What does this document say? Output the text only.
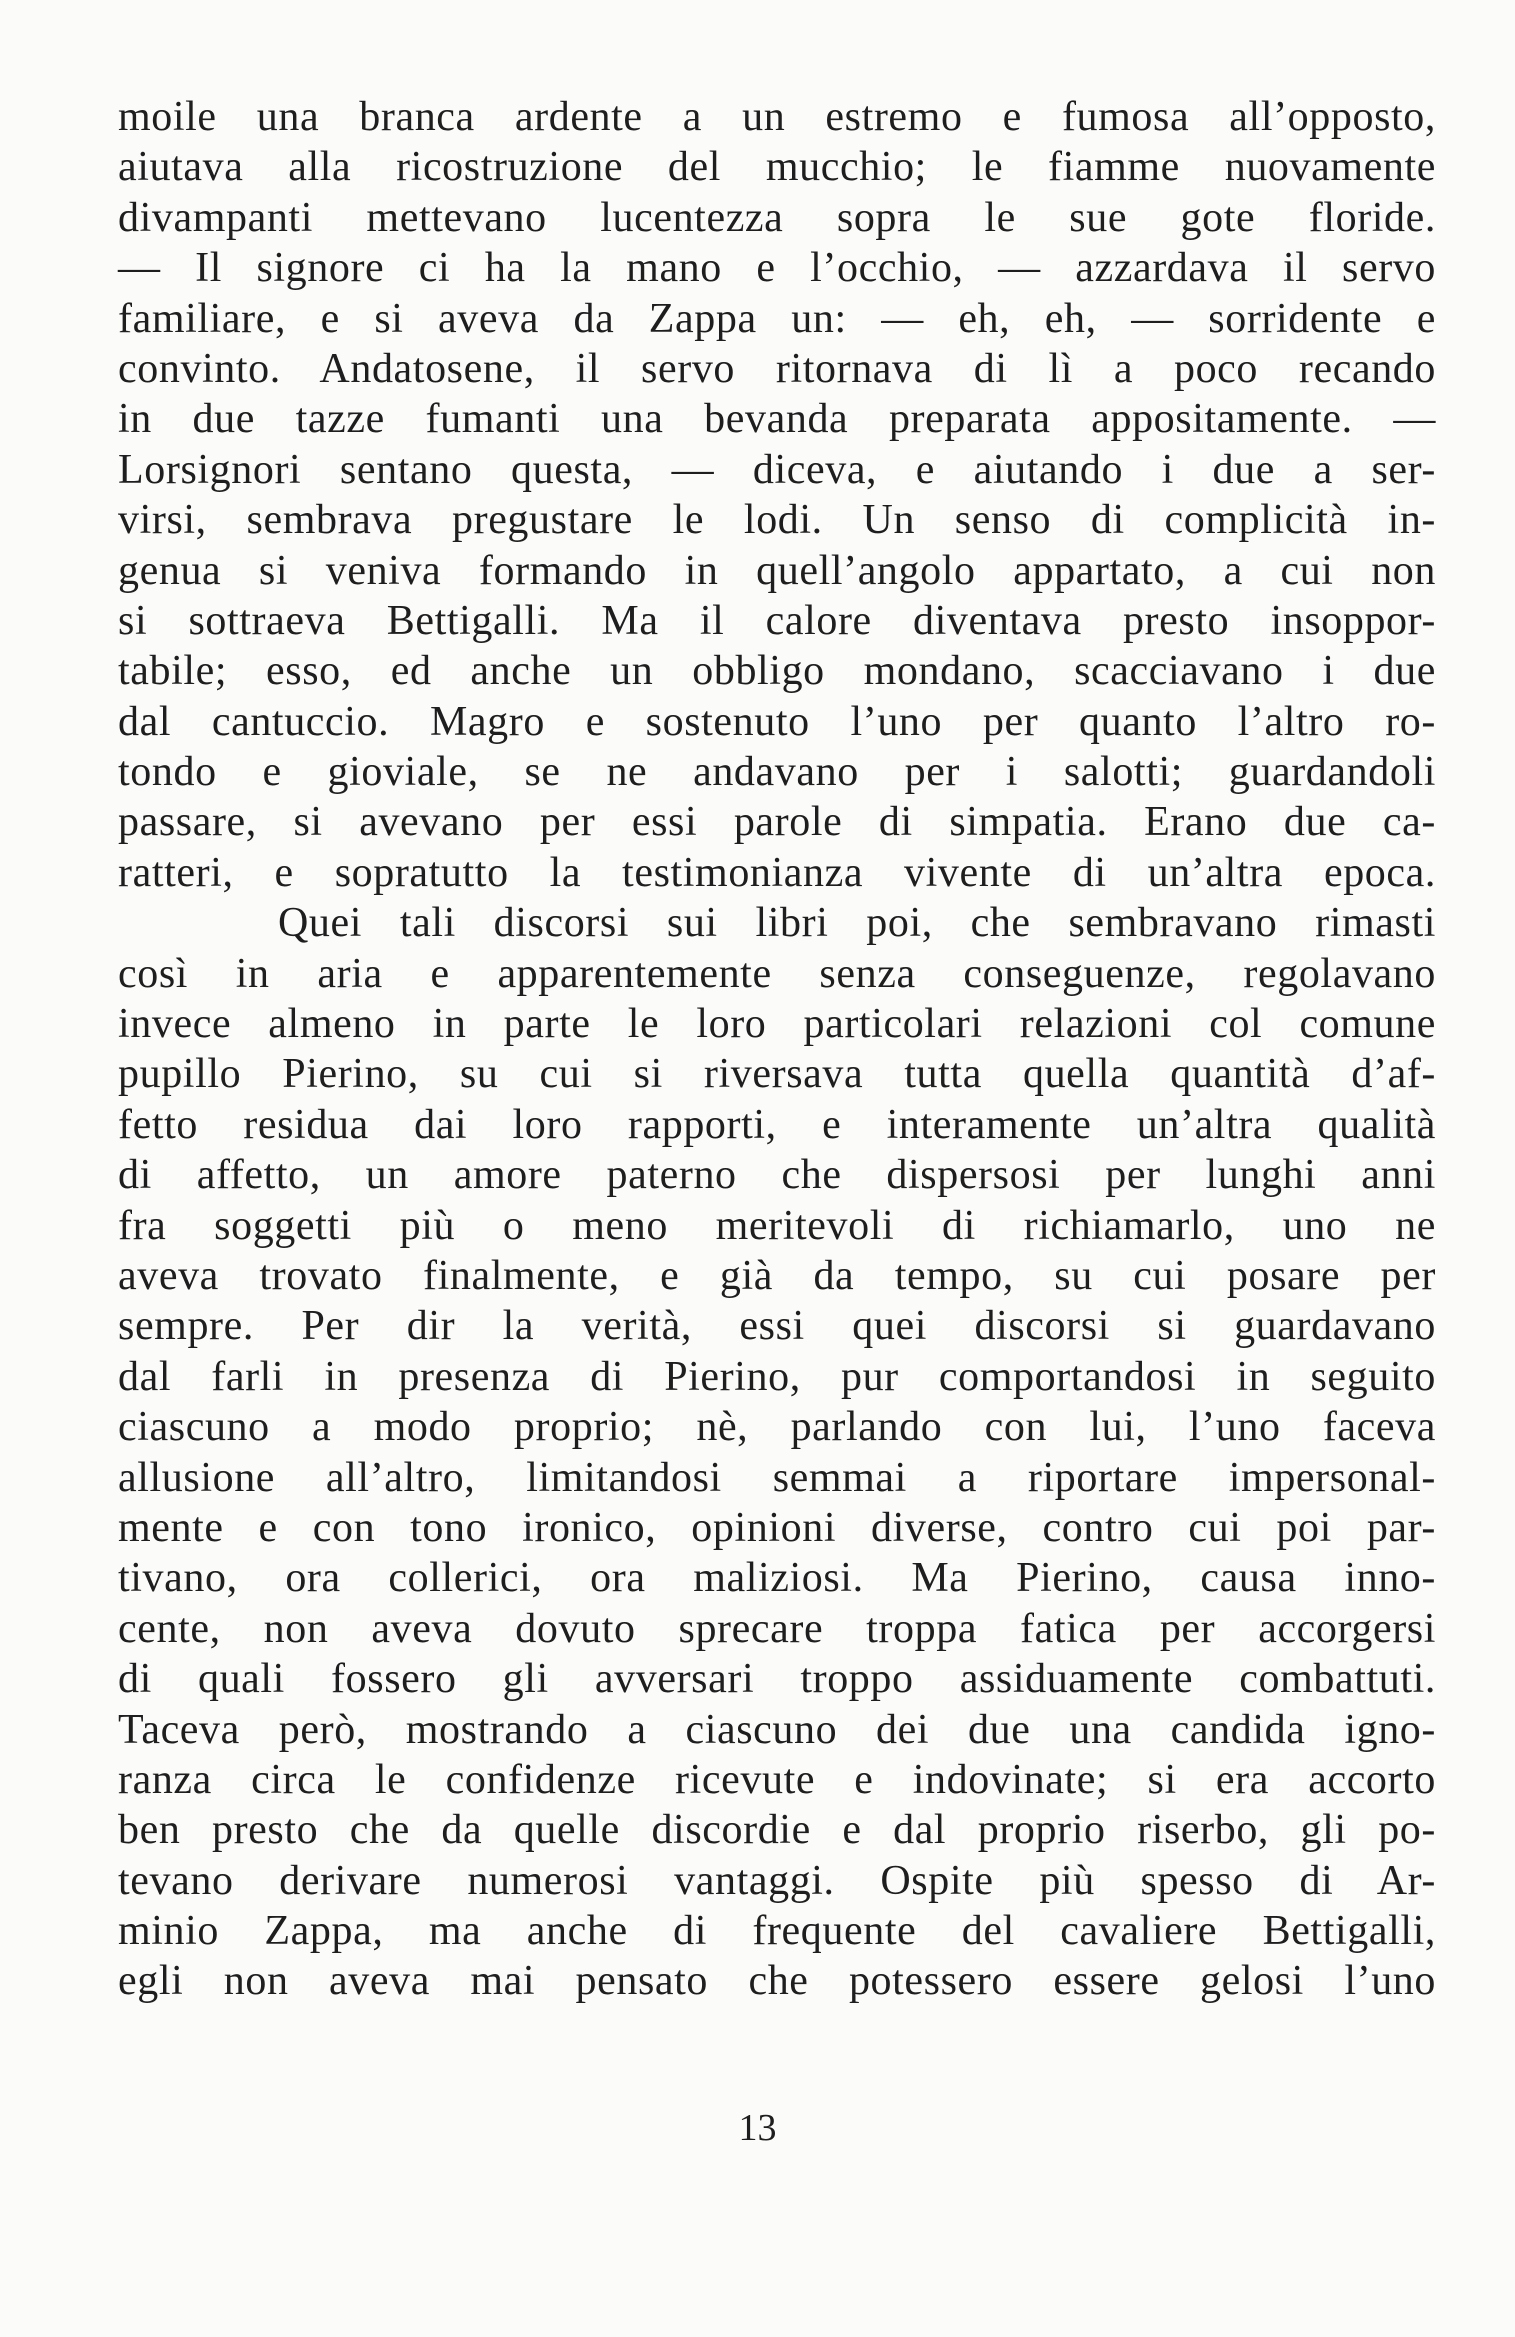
moile una branca ardente a un estremo e fumosa all’opposto,
aiutava alla ricostruzione del mucchio; le fiamme nuovamente
divampanti mettevano lucentezza sopra le sue gote floride.
— Il signore ci ha la mano e l’occhio, — azzardava il servo
familiare, e si aveva da Zappa un: — eh, eh, — sorridente e
convinto. Andatosene, il servo ritornava di lì a poco recando
in due tazze fumanti una bevanda preparata appositamente. —
Lorsignori sentano questa, — diceva, e aiutando i due a ser-
virsi, sembrava pregustare le lodi. Un senso di complicità in-
genua si veniva formando in quell’angolo appartato, a cui non
si sottraeva Bettigalli. Ma il calore diventava presto insoppor-
tabile; esso, ed anche un obbligo mondano, scacciavano i due
dal cantuccio. Magro e sostenuto l’uno per quanto l’altro ro-
tondo e gioviale, se ne andavano per i salotti; guardandoli
passare, si avevano per essi parole di simpatia. Erano due ca-
ratteri, e sopratutto la testimonianza vivente di un’altra epoca.
Quei tali discorsi sui libri poi, che sembravano rimasti
così in aria e apparentemente senza conseguenze, regolavano
invece almeno in parte le loro particolari relazioni col comune
pupillo Pierino, su cui si riversava tutta quella quantità d’af-
fetto residua dai loro rapporti, e interamente un’altra qualità
di affetto, un amore paterno che dispersosi per lunghi anni
fra soggetti più o meno meritevoli di richiamarlo, uno ne
aveva trovato finalmente, e già da tempo, su cui posare per
sempre. Per dir la verità, essi quei discorsi si guardavano
dal farli in presenza di Pierino, pur comportandosi in seguito
ciascuno a modo proprio; nè, parlando con lui, l’uno faceva
allusione all’altro, limitandosi semmai a riportare impersonal-
mente e con tono ironico, opinioni diverse, contro cui poi par-
tivano, ora collerici, ora maliziosi. Ma Pierino, causa inno-
cente, non aveva dovuto sprecare troppa fatica per accorgersi
di quali fossero gli avversari troppo assiduamente combattuti.
Taceva però, mostrando a ciascuno dei due una candida igno-
ranza circa le confidenze ricevute e indovinate; si era accorto
ben presto che da quelle discordie e dal proprio riserbo, gli po-
tevano derivare numerosi vantaggi. Ospite più spesso di Ar-
minio Zappa, ma anche di frequente del cavaliere Bettigalli,
egli non aveva mai pensato che potessero essere gelosi l’uno
13
